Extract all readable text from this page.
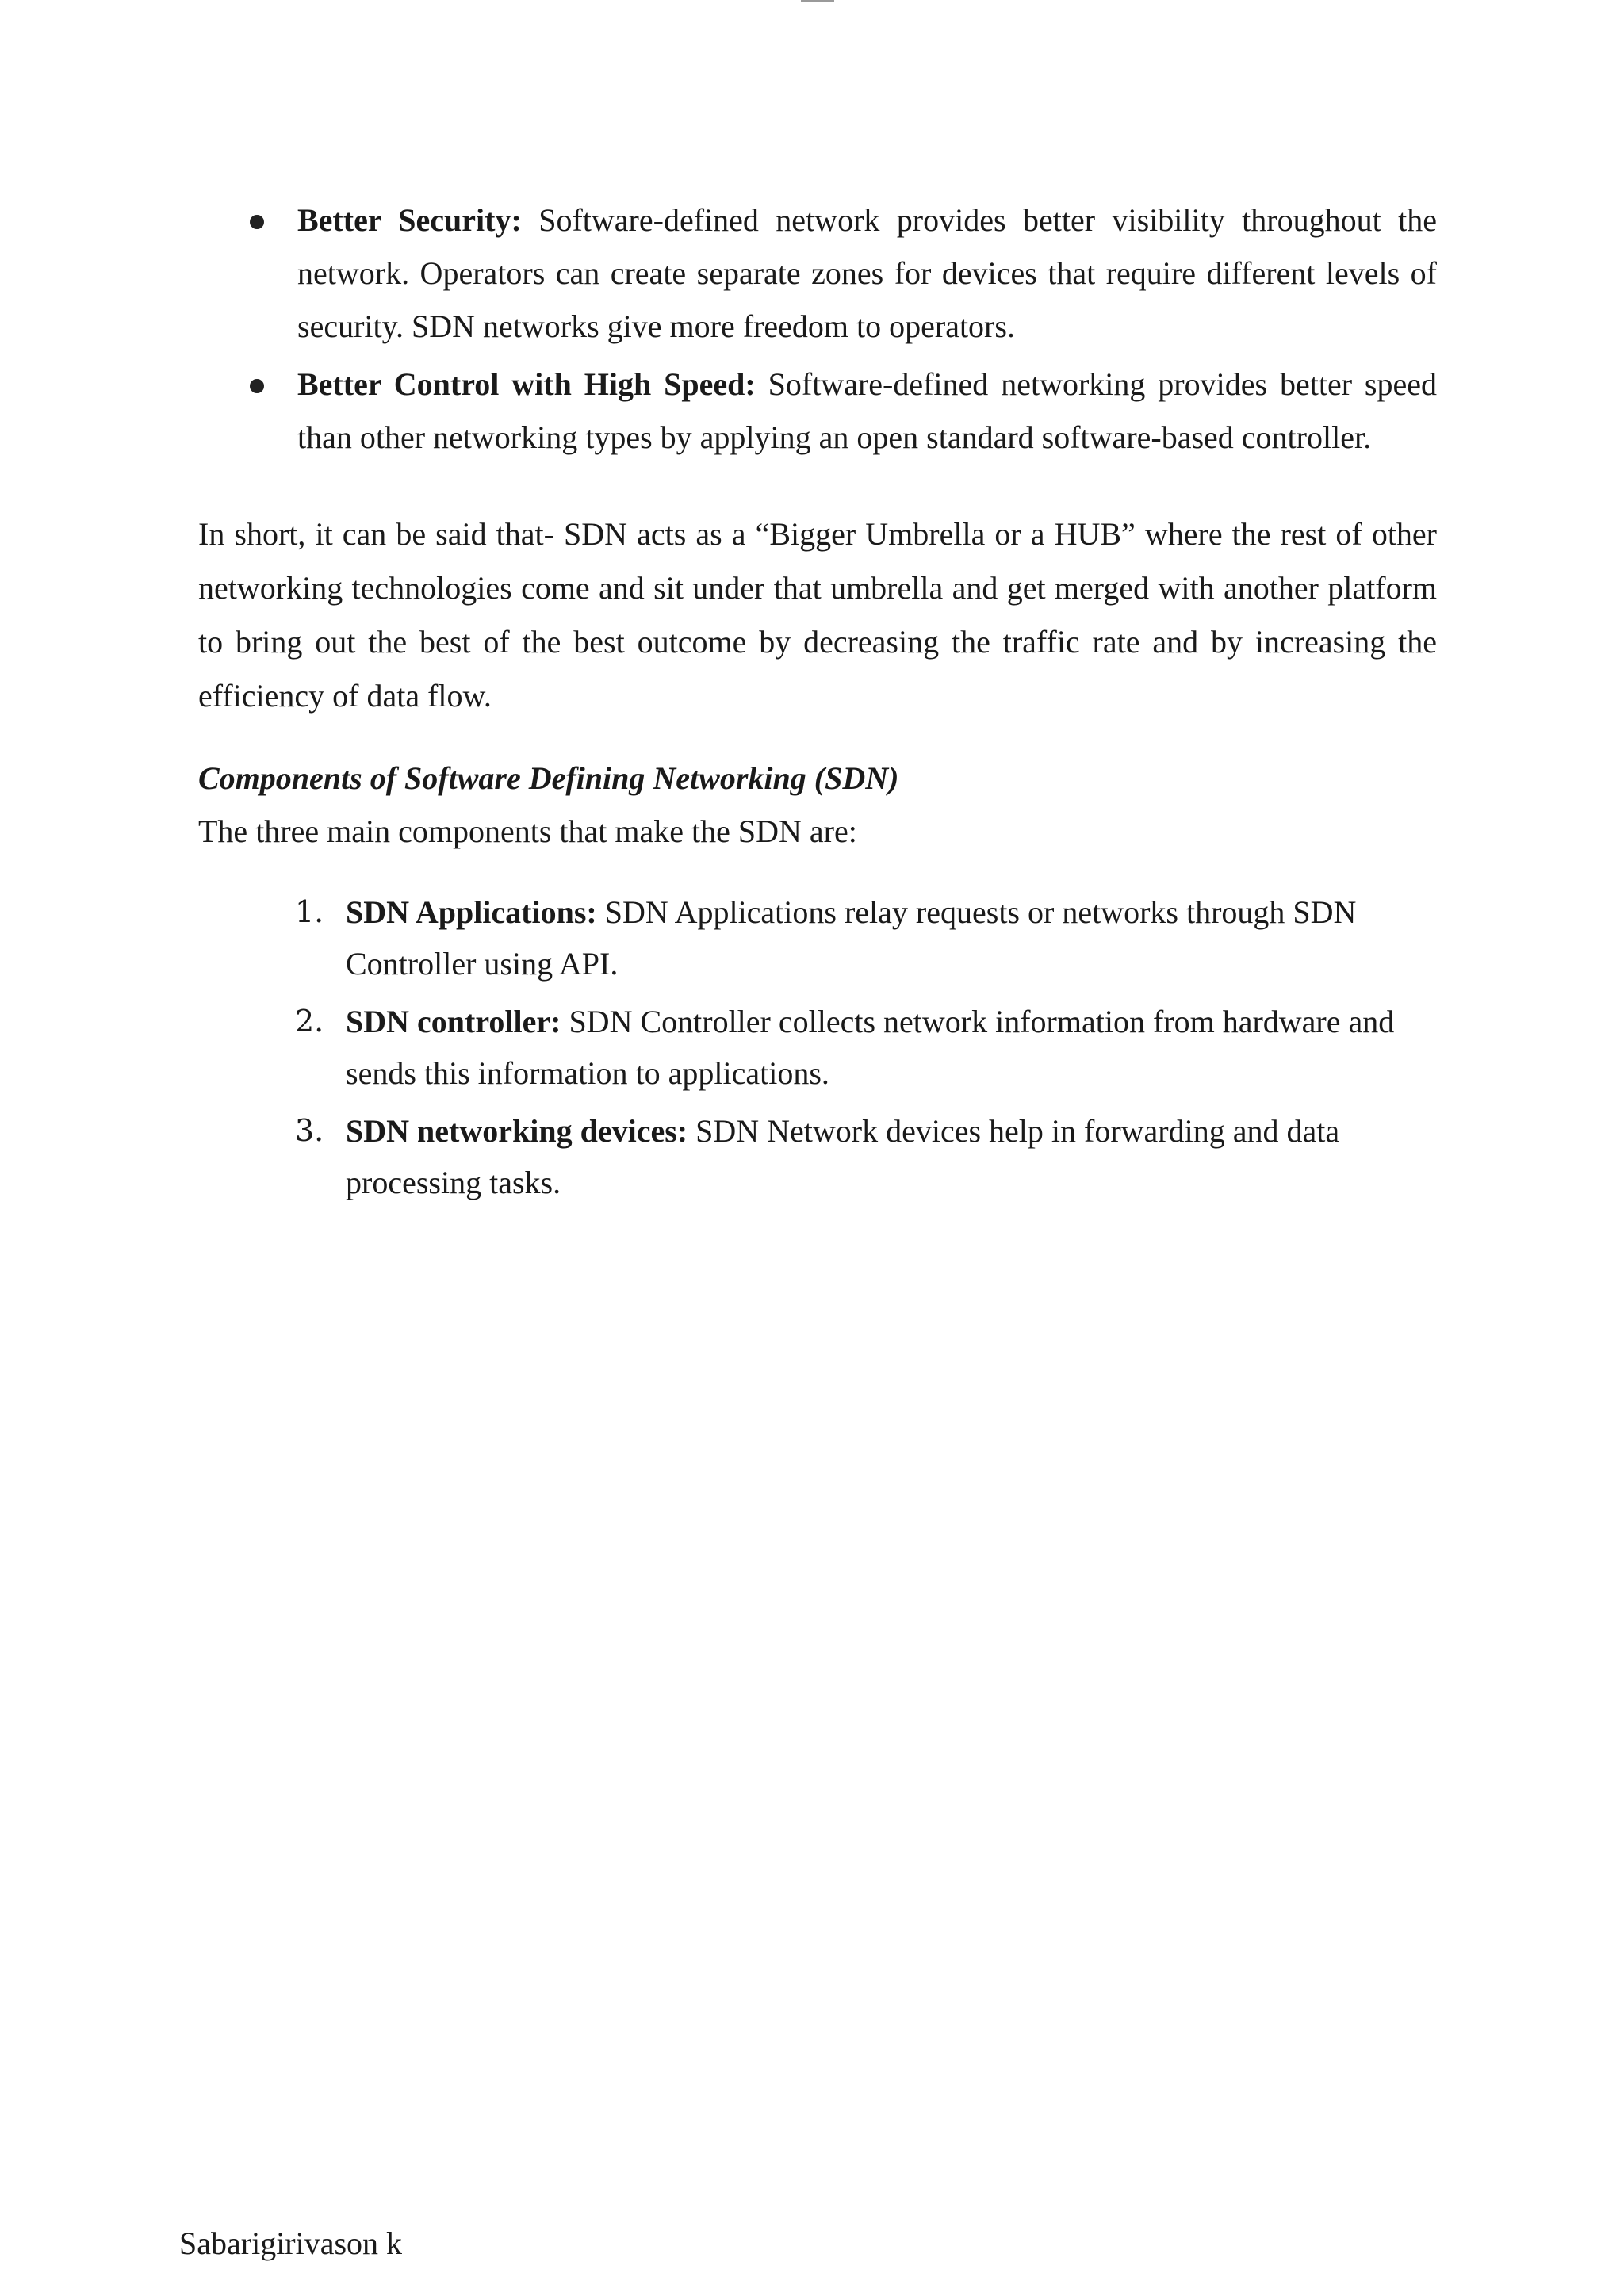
Better Security: Software-defined network provides better visibility throughout the network. Operators can create separate zones for devices that require different levels of security. SDN networks give more freedom to operators.
Better Control with High Speed: Software-defined networking provides better speed than other networking types by applying an open standard software-based controller.

In short, it can be said that- SDN acts as a “Bigger Umbrella or a HUB” where the rest of other networking technologies come and sit under that umbrella and get merged with another platform to bring out the best of the best outcome by decreasing the traffic rate and by increasing the efficiency of data flow.

Components of Software Defining Networking (SDN)

The three main components that make the SDN are:

1. SDN Applications: SDN Applications relay requests or networks through SDN Controller using API.
2. SDN controller: SDN Controller collects network information from hardware and sends this information to applications.
3. SDN networking devices: SDN Network devices help in forwarding and data processing tasks.

Sabarigirivason k
